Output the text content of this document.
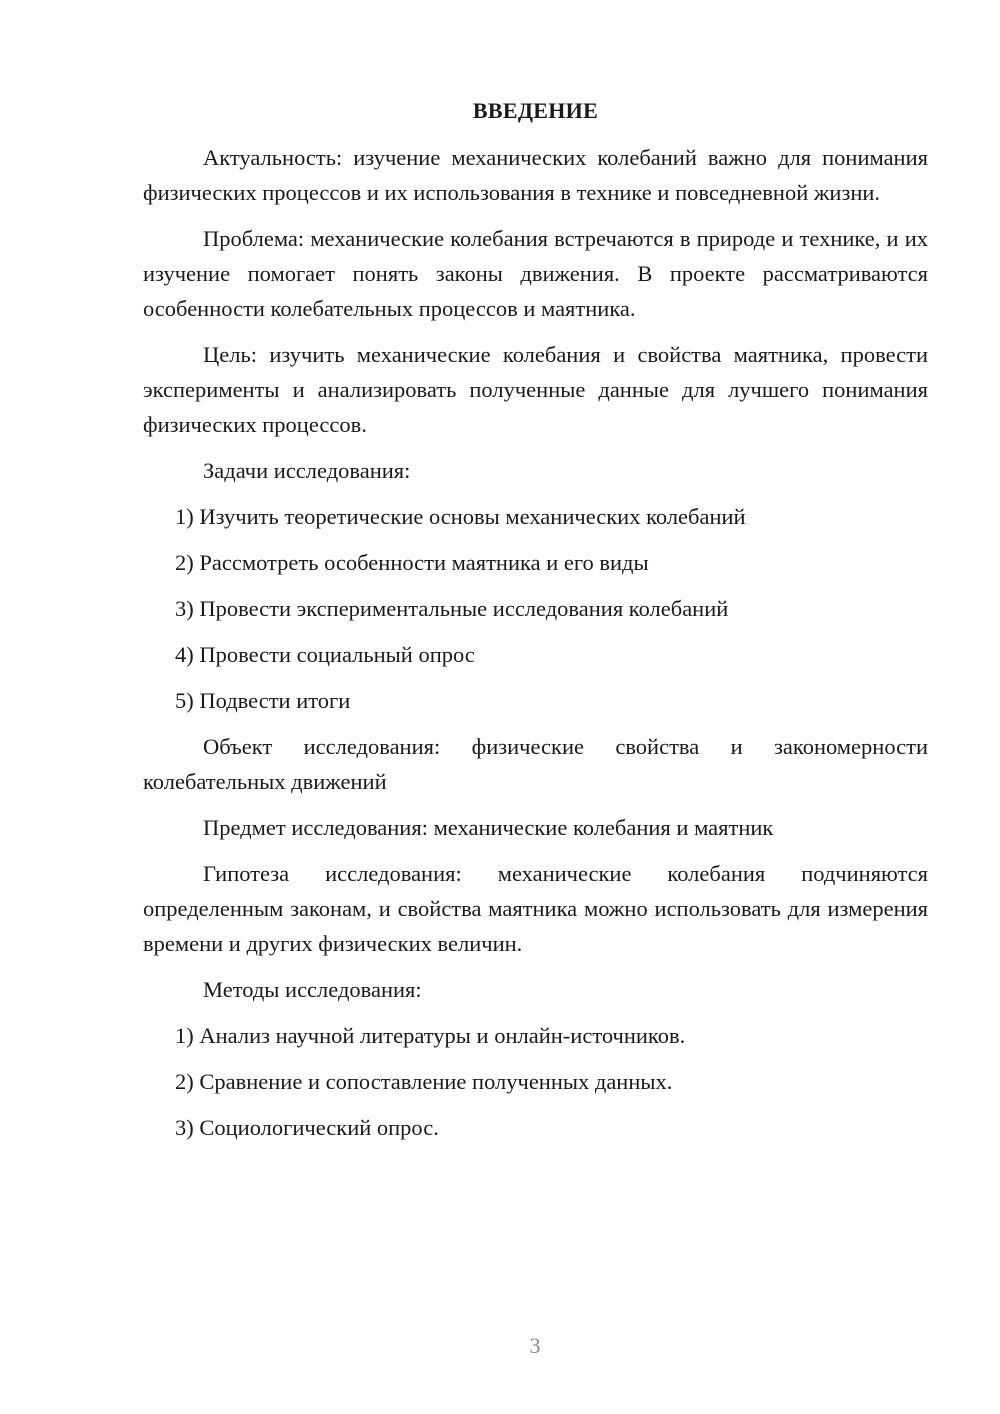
ВВЕДЕНИЕ

Актуальность: изучение механических колебаний важно для понимания физических процессов и их использования в технике и повседневной жизни.

Проблема: механические колебания встречаются в природе и технике, и их изучение помогает понять законы движения. В проекте рассматриваются особенности колебательных процессов и маятника.

Цель: изучить механические колебания и свойства маятника, провести эксперименты и анализировать полученные данные для лучшего понимания физических процессов.

Задачи исследования:

1) Изучить теоретические основы механических колебаний
2) Рассмотреть особенности маятника и его виды
3) Провести экспериментальные исследования колебаний
4) Провести социальный опрос
5) Подвести итоги

Объект исследования: физические свойства и закономерности колебательных движений

Предмет исследования: механические колебания и маятник

Гипотеза исследования: механические колебания подчиняются определенным законам, и свойства маятника можно использовать для измерения времени и других физических величин.

Методы исследования:

1) Анализ научной литературы и онлайн-источников.
2) Сравнение и сопоставление полученных данных.
3) Социологический опрос.
3
